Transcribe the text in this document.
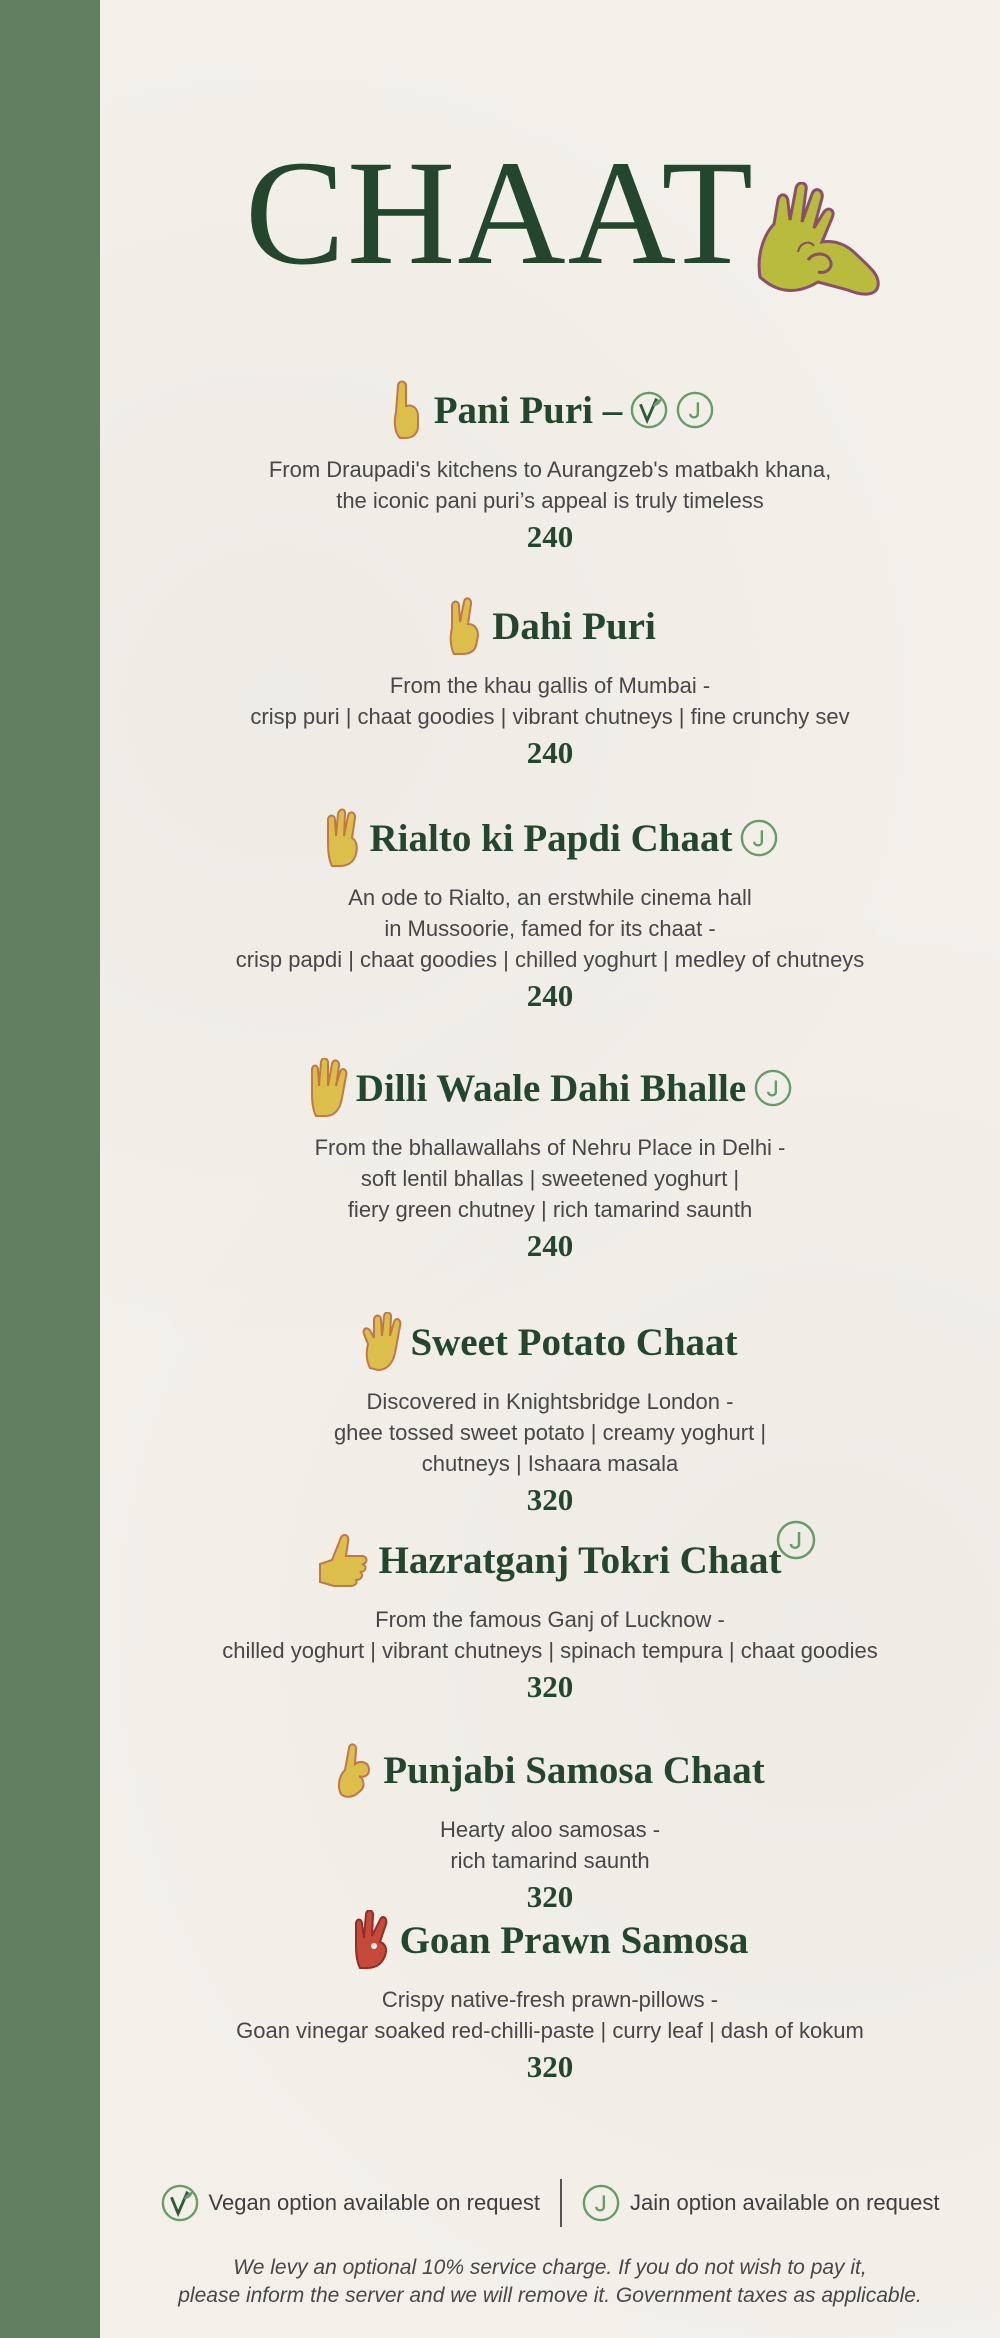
CHAAT
Pani Puri –
From Draupadi's kitchens to Aurangzeb's matbakh khana,
the iconic pani puri’s appeal is truly timeless
240
Dahi Puri
From the khau gallis of Mumbai -
crisp puri | chaat goodies | vibrant chutneys | fine crunchy sev
240
Rialto ki Papdi Chaat
An ode to Rialto, an erstwhile cinema hall
in Mussoorie, famed for its chaat -
crisp papdi | chaat goodies | chilled yoghurt | medley of chutneys
240
Dilli Waale Dahi Bhalle
From the bhallawallahs of Nehru Place in Delhi -
soft lentil bhallas | sweetened yoghurt |
fiery green chutney | rich tamarind saunth
240
Sweet Potato Chaat
Discovered in Knightsbridge London -
ghee tossed sweet potato | creamy yoghurt |
chutneys | Ishaara masala
320
Hazratganj Tokri Chaat
From the famous Ganj of Lucknow -
chilled yoghurt | vibrant chutneys | spinach tempura | chaat goodies
320
Punjabi Samosa Chaat
Hearty aloo samosas -
rich tamarind saunth
320
Goan Prawn Samosa
Crispy native-fresh prawn-pillows -
Goan vinegar soaked red-chilli-paste | curry leaf | dash of kokum
320
Vegan option available on request	Jain option available on request
We levy an optional 10% service charge. If you do not wish to pay it,
please inform the server and we will remove it. Government taxes as applicable.
